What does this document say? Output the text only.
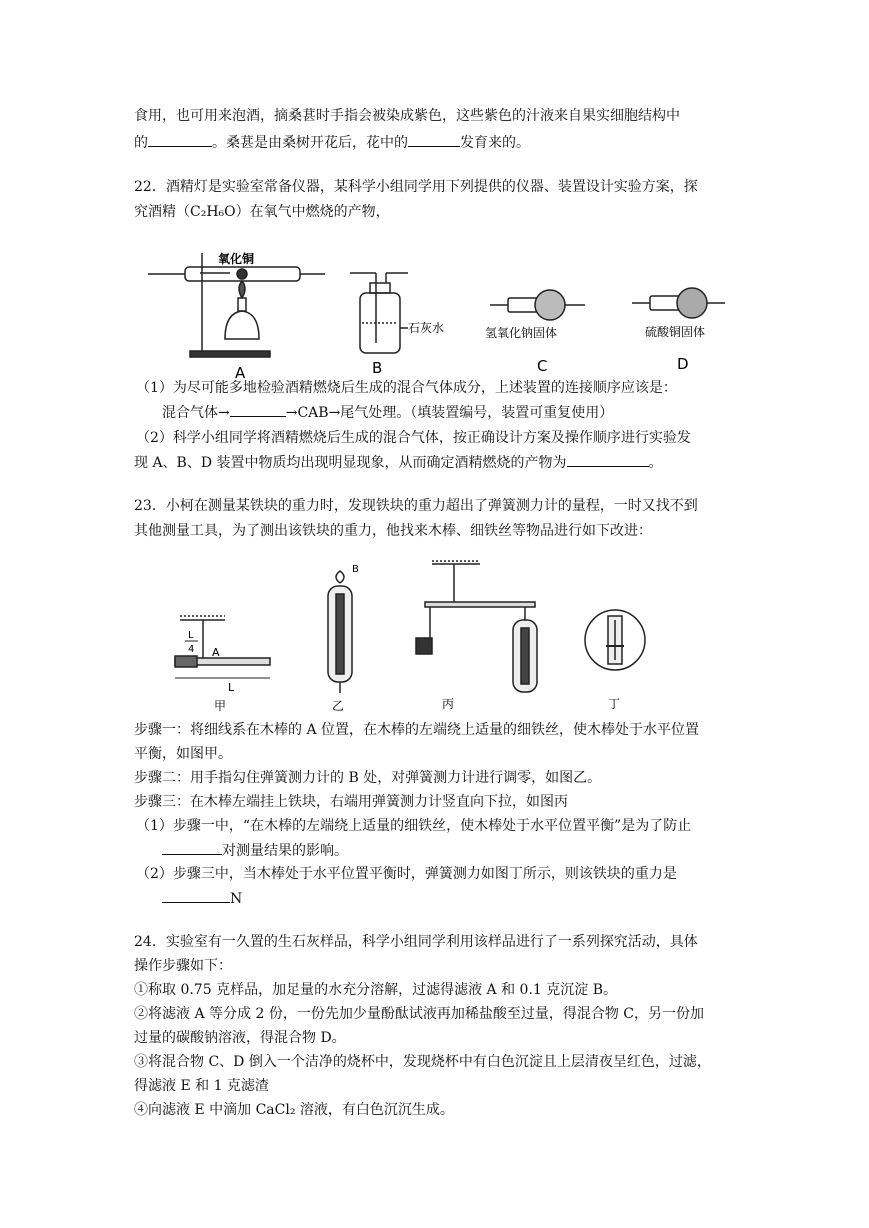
食用，也可用来泡酒，摘桑葚时手指会被染成紫色，这些紫色的汁液来自果实细胞结构中
的	。桑葚是由桑树开花后，花中的	发育来的。
22．酒精灯是实验室常备仪器，某科学小组同学用下列提供的仪器、装置设计实验方案，探
究酒精（C₂H₆O）在氧气中燃烧的产物，
氧化铜
A
石灰水
B
氢氧化钠固体
C
硫酸铜固体
D
（1）为尽可能多地检验酒精燃烧后生成的混合气体成分，上述装置的连接顺序应该是：
混合气体→	→CAB→尾气处理。（填装置编号，装置可重复使用）
（2）科学小组同学将酒精燃烧后生成的混合气体，按正确设计方案及操作顺序进行实验发
现 A、B、D 装置中物质均出现明显现象，从而确定酒精燃烧的产物为	。
23．小柯在测量某铁块的重力时，发现铁块的重力超出了弹簧测力计的量程，一时又找不到
其他测量工具，为了测出该铁块的重力，他找来木棒、细铁丝等物品进行如下改进：
L
4 A
L
甲
B
乙	丙	丁
步骤一：将细线系在木棒的 A 位置，在木棒的左端绕上适量的细铁丝，使木棒处于水平位置
平衡，如图甲。
步骤二：用手指勾住弹簧测力计的 B 处，对弹簧测力计进行调零，如图乙。
步骤三：在木棒左端挂上铁块，右端用弹簧测力计竖直向下拉，如图丙
（1）步骤一中，“在木棒的左端绕上适量的细铁丝，使木棒处于水平位置平衡”是为了防止
对测量结果的影响。
（2）步骤三中，当木棒处于水平位置平衡时，弹簧测力如图丁所示，则该铁块的重力是
N
24．实验室有一久置的生石灰样品，科学小组同学利用该样品进行了一系列探究活动，具体
操作步骤如下：
①称取 0.75 克样品，加足量的水充分溶解，过滤得滤液 A 和 0.1 克沉淀 B。
②将滤液 A 等分成 2 份，一份先加少量酚酞试液再加稀盐酸至过量，得混合物 C，另一份加
过量的碳酸钠溶液，得混合物 D。
③将混合物 C、D 倒入一个洁净的烧杯中，发现烧杯中有白色沉淀且上层清夜呈红色，过滤，
得滤液 E 和 1 克滤渣
④向滤液 E 中滴加 CaCl₂ 溶液，有白色沉沉生成。
